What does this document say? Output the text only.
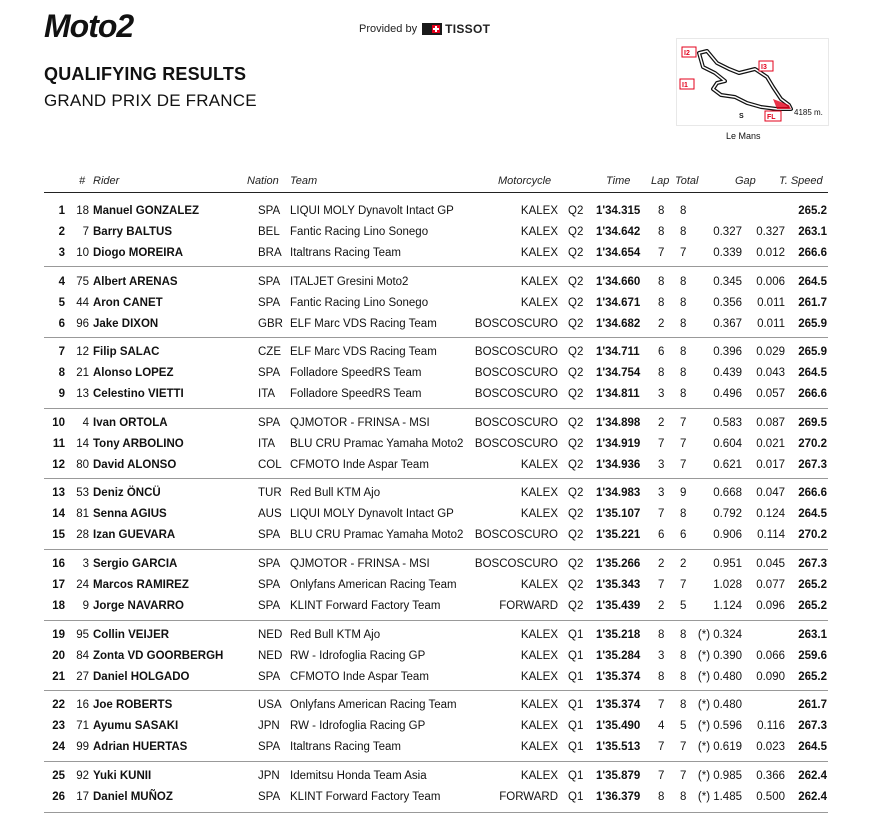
Moto2	Provided by TISSOT
QUALIFYING RESULTS
GRAND PRIX DE FRANCE
I2
I3
I1
S	FL
4185 m.
Le Mans
# Rider	Nation Team	Motorcycle	Time Lap Total	Gap T. Speed
1 18 Manuel GONZALEZ	SPA LIQUI MOLY Dynavolt Intact GP	KALEX Q2 1'34.315 8 8	265.2
2 7 Barry BALTUS	BEL Fantic Racing Lino Sonego	KALEX Q2 1'34.642 8 8 0.327 0.327 263.1
3 10 Diogo MOREIRA	BRA Italtrans Racing Team	KALEX Q2 1'34.654 7 7 0.339 0.012 266.6
4 75 Albert ARENAS	SPA ITALJET Gresini Moto2	KALEX Q2 1'34.660 8 8 0.345 0.006 264.5
5 44 Aron CANET	SPA Fantic Racing Lino Sonego	KALEX Q2 1'34.671 8 8 0.356 0.011 261.7
6 96 Jake DIXON	GBR ELF Marc VDS Racing Team	BOSCOSCURO Q2 1'34.682 2 8 0.367 0.011 265.9
7 12 Filip SALAC	CZE ELF Marc VDS Racing Team	BOSCOSCURO Q2 1'34.711 6 8 0.396 0.029 265.9
8 21 Alonso LOPEZ	SPA Folladore SpeedRS Team	BOSCOSCURO Q2 1'34.754 8 8 0.439 0.043 264.5
9 13 Celestino VIETTI	ITA Folladore SpeedRS Team	BOSCOSCURO Q2 1'34.811 3 8 0.496 0.057 266.6
10 4 Ivan ORTOLA	SPA QJMOTOR - FRINSA - MSI	BOSCOSCURO Q2 1'34.898 2 7 0.583 0.087 269.5
11 14 Tony ARBOLINO	ITA BLU CRU Pramac Yamaha Moto2 BOSCOSCURO Q2 1'34.919 7 7 0.604 0.021 270.2
12 80 David ALONSO	COL CFMOTO Inde Aspar Team	KALEX Q2 1'34.936 3 7 0.621 0.017 267.3
13 53 Deniz ÖNCÜ	TUR Red Bull KTM Ajo	KALEX Q2 1'34.983 3 9 0.668 0.047 266.6
14 81 Senna AGIUS	AUS LIQUI MOLY Dynavolt Intact GP	KALEX Q2 1'35.107 7 8 0.792 0.124 264.5
15 28 Izan GUEVARA	SPA BLU CRU Pramac Yamaha Moto2 BOSCOSCURO Q2 1'35.221 6 6 0.906 0.114 270.2
16 3 Sergio GARCIA	SPA QJMOTOR - FRINSA - MSI	BOSCOSCURO Q2 1'35.266 2 2 0.951 0.045 267.3
17 24 Marcos RAMIREZ	SPA Onlyfans American Racing Team	KALEX Q2 1'35.343 7 7 1.028 0.077 265.2
18 9 Jorge NAVARRO	SPA KLINT Forward Factory Team	FORWARD Q2 1'35.439 2 5 1.124 0.096 265.2
19 95 Collin VEIJER	NED Red Bull KTM Ajo	KALEX Q1 1'35.218 8 8 (*) 0.324	263.1
20 84 Zonta VD GOORBERGH	NED RW - Idrofoglia Racing GP	KALEX Q1 1'35.284 3 8 (*) 0.390 0.066 259.6
21 27 Daniel HOLGADO	SPA CFMOTO Inde Aspar Team	KALEX Q1 1'35.374 8 8 (*) 0.480 0.090 265.2
22 16 Joe ROBERTS	USA Onlyfans American Racing Team	KALEX Q1 1'35.374 7 8 (*) 0.480	261.7
23 71 Ayumu SASAKI	JPN RW - Idrofoglia Racing GP	KALEX Q1 1'35.490 4 5 (*) 0.596 0.116 267.3
24 99 Adrian HUERTAS	SPA Italtrans Racing Team	KALEX Q1 1'35.513 7 7 (*) 0.619 0.023 264.5
25 92 Yuki KUNII	JPN Idemitsu Honda Team Asia	KALEX Q1 1'35.879 7 7 (*) 0.985 0.366 262.4
26 17 Daniel MUÑOZ	SPA KLINT Forward Factory Team	FORWARD Q1 1'36.379 8 8 (*) 1.485 0.500 262.4
